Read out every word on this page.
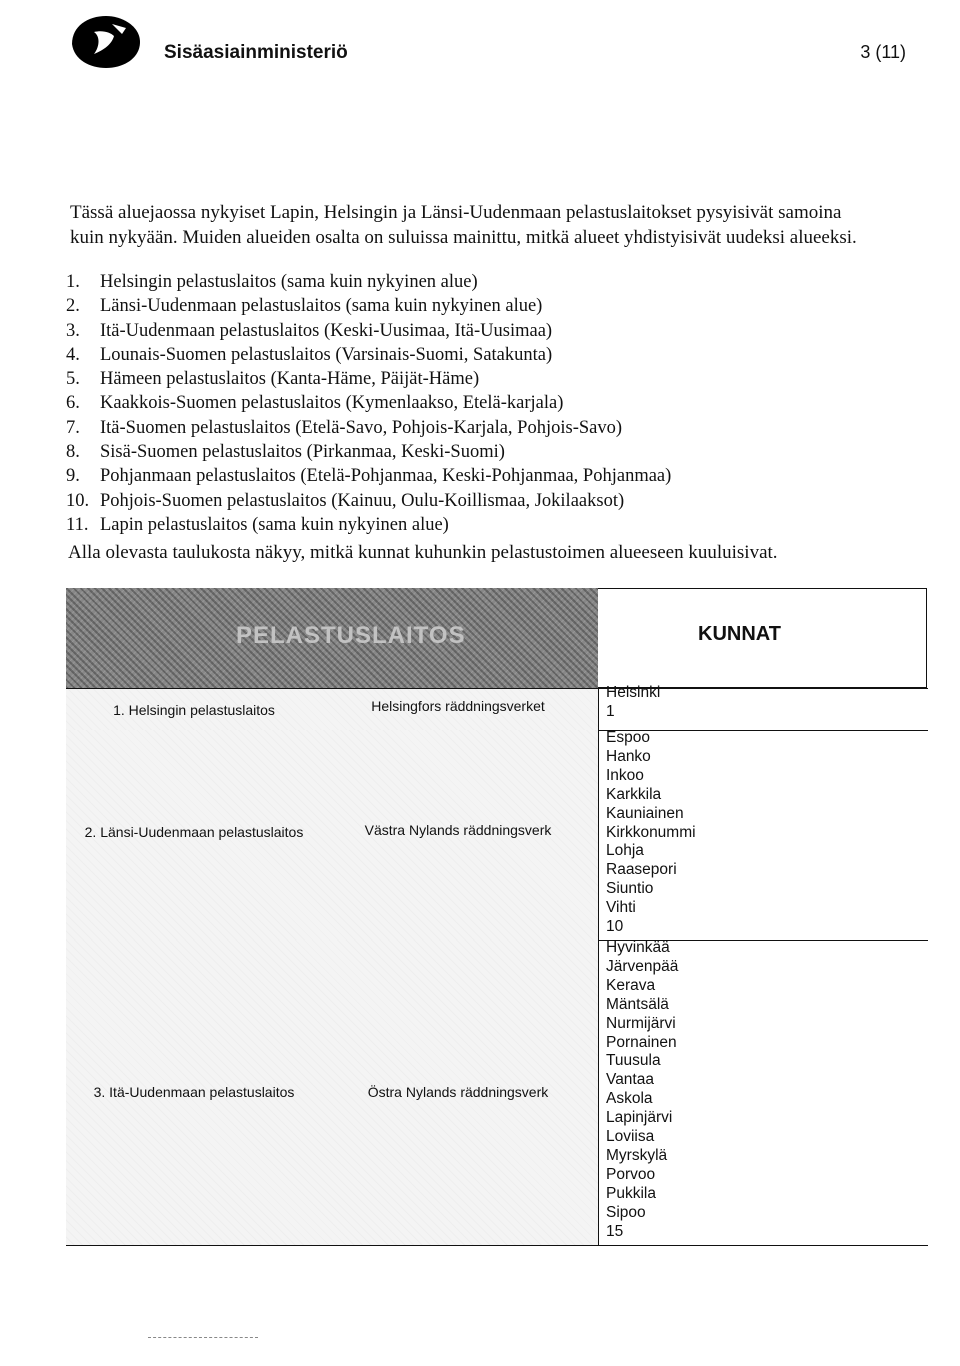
Sisäasiainministeriö	3 (11)

Tässä aluejaossa nykyiset Lapin, Helsingin ja Länsi-Uudenmaan pelastuslaitokset pysyisivät samoina

kuin nykyään. Muiden alueiden osalta on suluissa mainittu, mitkä alueet yhdistyisivät uudeksi alueeksi.

1.	Helsingin pelastuslaitos (sama kuin nykyinen alue)
2.	Länsi-Uudenmaan pelastuslaitos (sama kuin nykyinen alue)
3.	Itä-Uudenmaan pelastuslaitos (Keski-Uusimaa, Itä-Uusimaa)
4.	Lounais-Suomen pelastuslaitos (Varsinais-Suomi, Satakunta)
5.	Hämeen pelastuslaitos (Kanta-Häme, Päijät-Häme)
6.	Kaakkois-Suomen pelastuslaitos (Kymenlaakso, Etelä-karjala)
7.	Itä-Suomen pelastuslaitos (Etelä-Savo, Pohjois-Karjala, Pohjois-Savo)
8.	Sisä-Suomen pelastuslaitos (Pirkanmaa, Keski-Suomi)
9.	Pohjanmaan pelastuslaitos (Etelä-Pohjanmaa, Keski-Pohjanmaa, Pohjanmaa)
10. Pohjois-Suomen pelastuslaitos (Kainuu, Oulu-Koillismaa, Jokilaaksot)
11. Lapin pelastuslaitos (sama kuin nykyinen alue)
Alla olevasta taulukosta näkyy, mitkä kunnat kuhunkin pelastustoimen alueeseen kuuluisivat.
PELASTUSLAITOS	KUNNAT
1. Helsingin pelastuslaitos	Helsingfors räddningsverket
Helsinki
1
2. Länsi-Uudenmaan pelastuslaitos	Västra Nylands räddningsverk
Espoo
Hanko
Inkoo
Karkkila
Kauniainen
Kirkkonummi
Lohja
Raasepori
Siuntio
Vihti
10
3. Itä-Uudenmaan pelastuslaitos	Östra Nylands räddningsverk
Hyvinkää
Järvenpää
Kerava
Mäntsälä
Nurmijärvi
Pornainen
Tuusula
Vantaa
Askola
Lapinjärvi
Loviisa
Myrskylä
Porvoo
Pukkila
Sipoo
15
